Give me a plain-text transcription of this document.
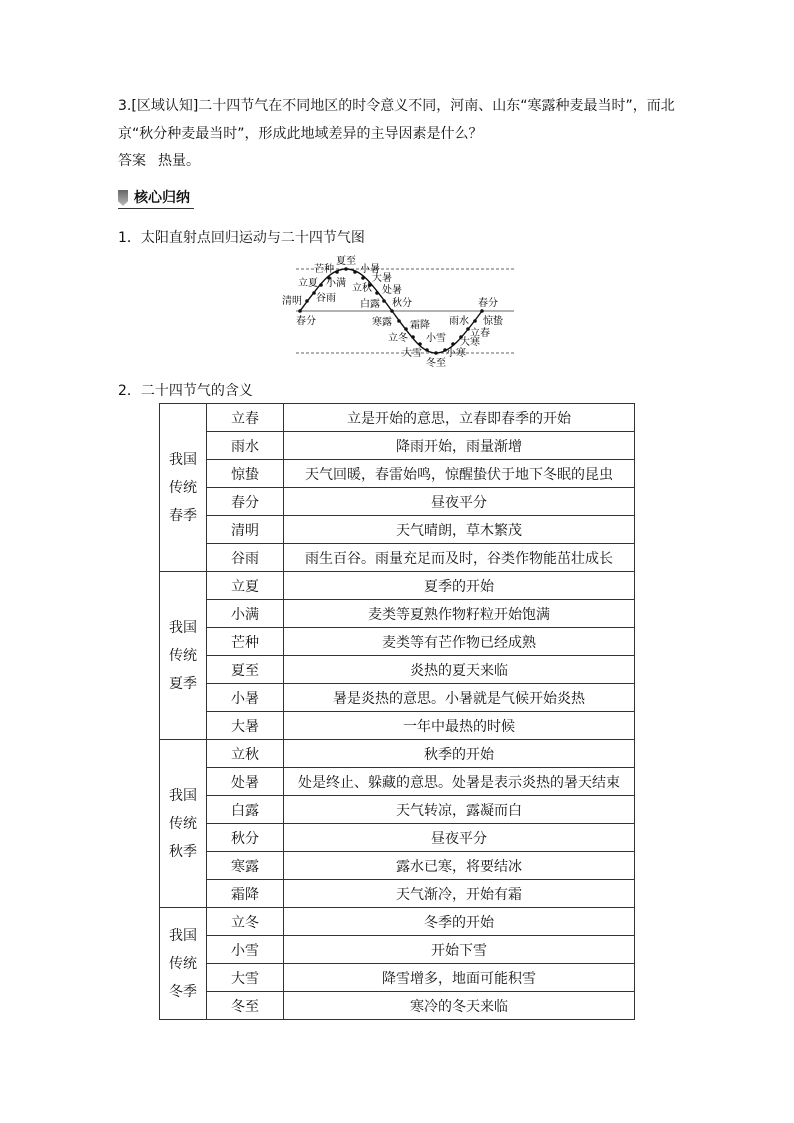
3.[区域认知]二十四节气在不同地区的时令意义不同，河南、山东“寒露种麦最当时”，而北
京“秋分种麦最当时”，形成此地域差异的主导因素是什么？
答案 热量。
核心归纳
1．太阳直射点回归运动与二十四节气图
夏至
芒种	小暑
大暑
立夏 小满 立秋 处暑
清明 谷雨
白露 秋分
春分	寒露 霜降 雨水 惊蛰
立春
立冬 小雪 大寒
大雪 小寒
冬至
春分
2．二十四节气的含义
我国
传统
春季	立春	立是开始的意思，立春即春季的开始
	雨水	降雨开始，雨量渐增
	惊蛰	天气回暖，春雷始鸣，惊醒蛰伏于地下冬眠的昆虫
	春分	昼夜平分
	清明	天气晴朗，草木繁茂
	谷雨	雨生百谷。雨量充足而及时，谷类作物能茁壮成长

我国
传统
夏季	立夏	夏季的开始
	小满	麦类等夏熟作物籽粒开始饱满
	芒种	麦类等有芒作物已经成熟
	夏至	炎热的夏天来临
	小暑	暑是炎热的意思。小暑就是气候开始炎热
	大暑	一年中最热的时候

我国
传统
秋季	立秋	秋季的开始
	处暑	处是终止、躲藏的意思。处暑是表示炎热的暑天结束
	白露	天气转凉，露凝而白
	秋分	昼夜平分
	寒露	露水已寒，将要结冰
	霜降	天气渐冷，开始有霜

我国
传统
冬季	立冬	冬季的开始
	小雪	开始下雪
	大雪	降雪增多，地面可能积雪
	冬至	寒冷的冬天来临
